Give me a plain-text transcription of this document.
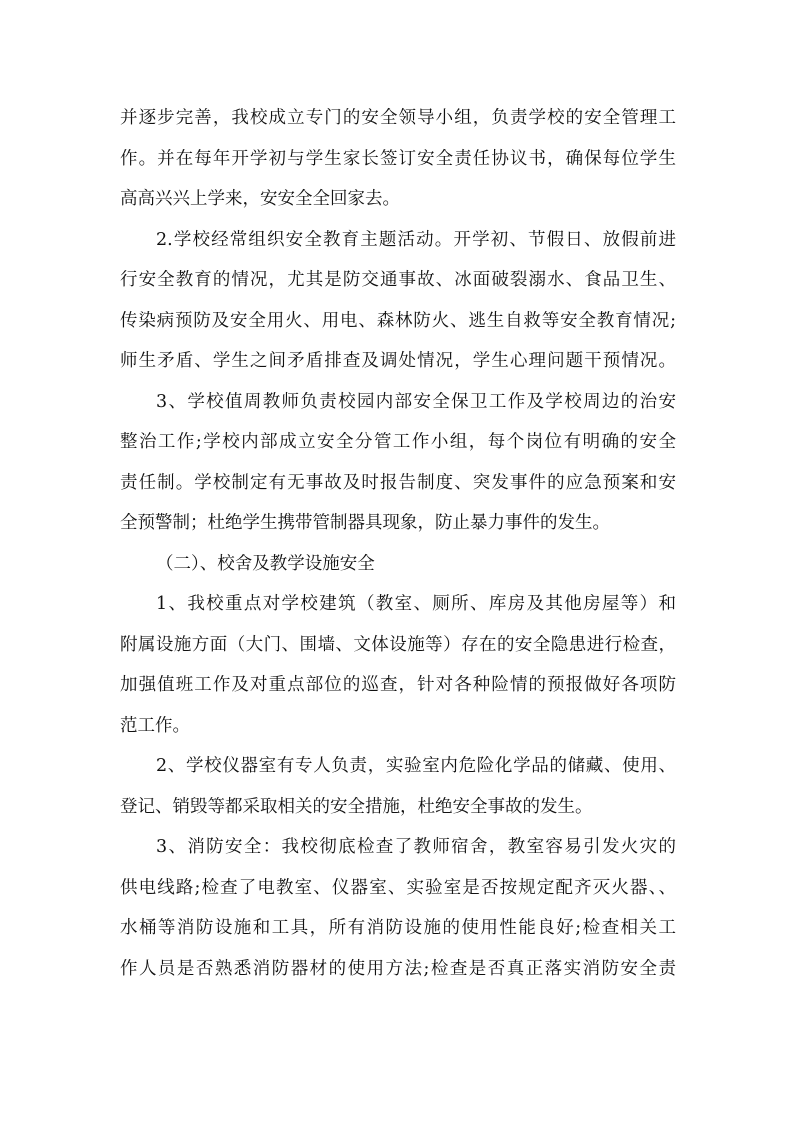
并逐步完善，我校成立专门的安全领导小组，负责学校的安全管理工
作。并在每年开学初与学生家长签订安全责任协议书，确保每位学生
高高兴兴上学来，安安全全回家去。
2.学校经常组织安全教育主题活动。开学初、节假日、放假前进
行安全教育的情况，尤其是防交通事故、冰面破裂溺水、食品卫生、
传染病预防及安全用火、用电、森林防火、逃生自救等安全教育情况;
师生矛盾、学生之间矛盾排查及调处情况，学生心理问题干预情况。
3、学校值周教师负责校园内部安全保卫工作及学校周边的治安
整治工作;学校内部成立安全分管工作小组，每个岗位有明确的安全
责任制。学校制定有无事故及时报告制度、突发事件的应急预案和安
全预警制；杜绝学生携带管制器具现象，防止暴力事件的发生。
（二）、校舍及教学设施安全
1、我校重点对学校建筑（教室、厕所、库房及其他房屋等）和
附属设施方面（大门、围墙、文体设施等）存在的安全隐患进行检查，
加强值班工作及对重点部位的巡查，针对各种险情的预报做好各项防
范工作。
2、学校仪器室有专人负责，实验室内危险化学品的储藏、使用、
登记、销毁等都采取相关的安全措施，杜绝安全事故的发生。
3、消防安全：我校彻底检查了教师宿舍，教室容易引发火灾的
供电线路;检查了电教室、仪器室、实验室是否按规定配齐灭火器、、
水桶等消防设施和工具，所有消防设施的使用性能良好;检查相关工
作人员是否熟悉消防器材的使用方法;检查是否真正落实消防安全责
